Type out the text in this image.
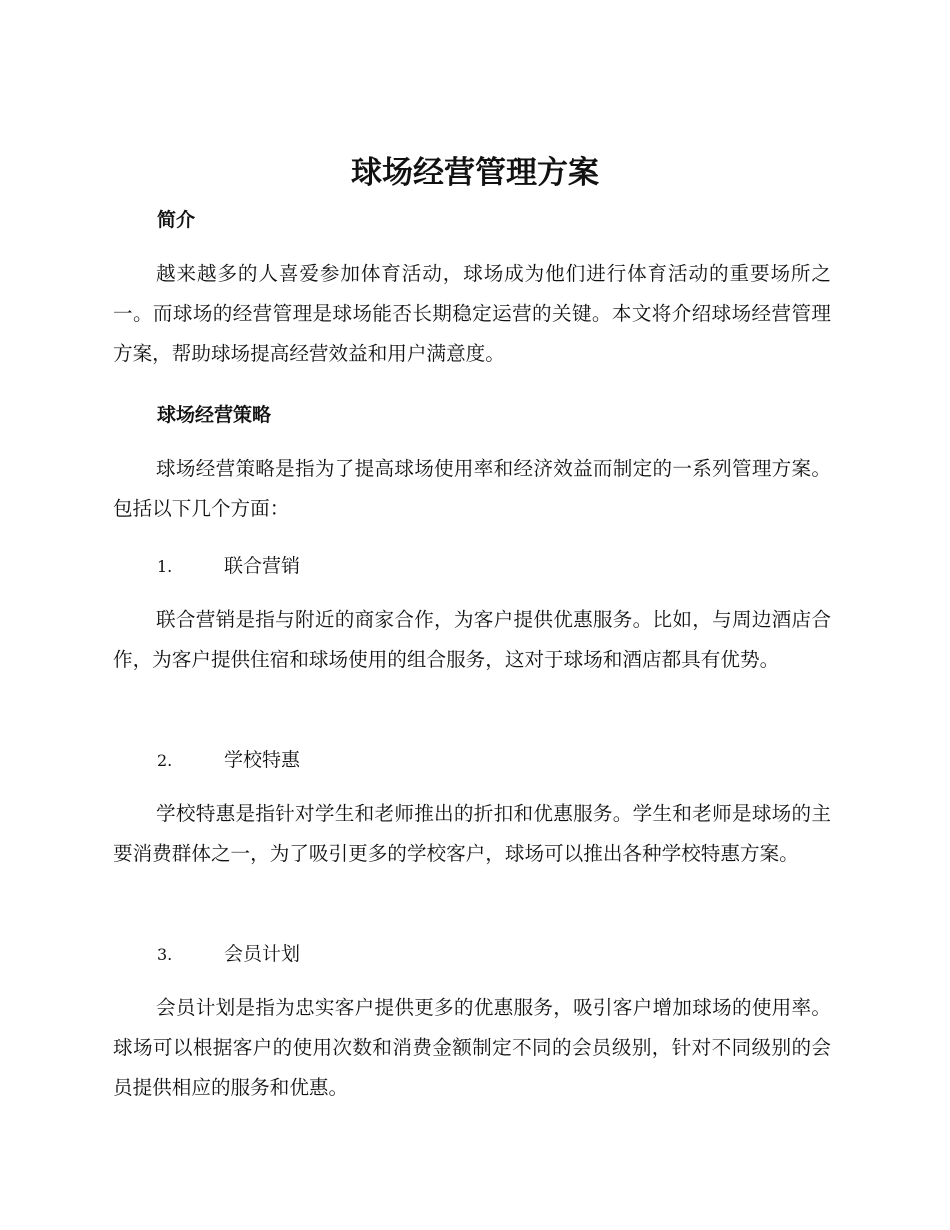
球场经营管理方案
简介

越来越多的人喜爱参加体育活动，球场成为他们进行体育活动的重要场所之一。而球场的经营管理是球场能否长期稳定运营的关键。本文将介绍球场经营管理方案，帮助球场提高经营效益和用户满意度。

球场经营策略

球场经营策略是指为了提高球场使用率和经济效益而制定的一系列管理方案。包括以下几个方面：

1.	联合营销

联合营销是指与附近的商家合作，为客户提供优惠服务。比如，与周边酒店合作，为客户提供住宿和球场使用的组合服务，这对于球场和酒店都具有优势。

2.	学校特惠

学校特惠是指针对学生和老师推出的折扣和优惠服务。学生和老师是球场的主要消费群体之一，为了吸引更多的学校客户，球场可以推出各种学校特惠方案。

3.	会员计划

会员计划是指为忠实客户提供更多的优惠服务，吸引客户增加球场的使用率。球场可以根据客户的使用次数和消费金额制定不同的会员级别，针对不同级别的会员提供相应的服务和优惠。
